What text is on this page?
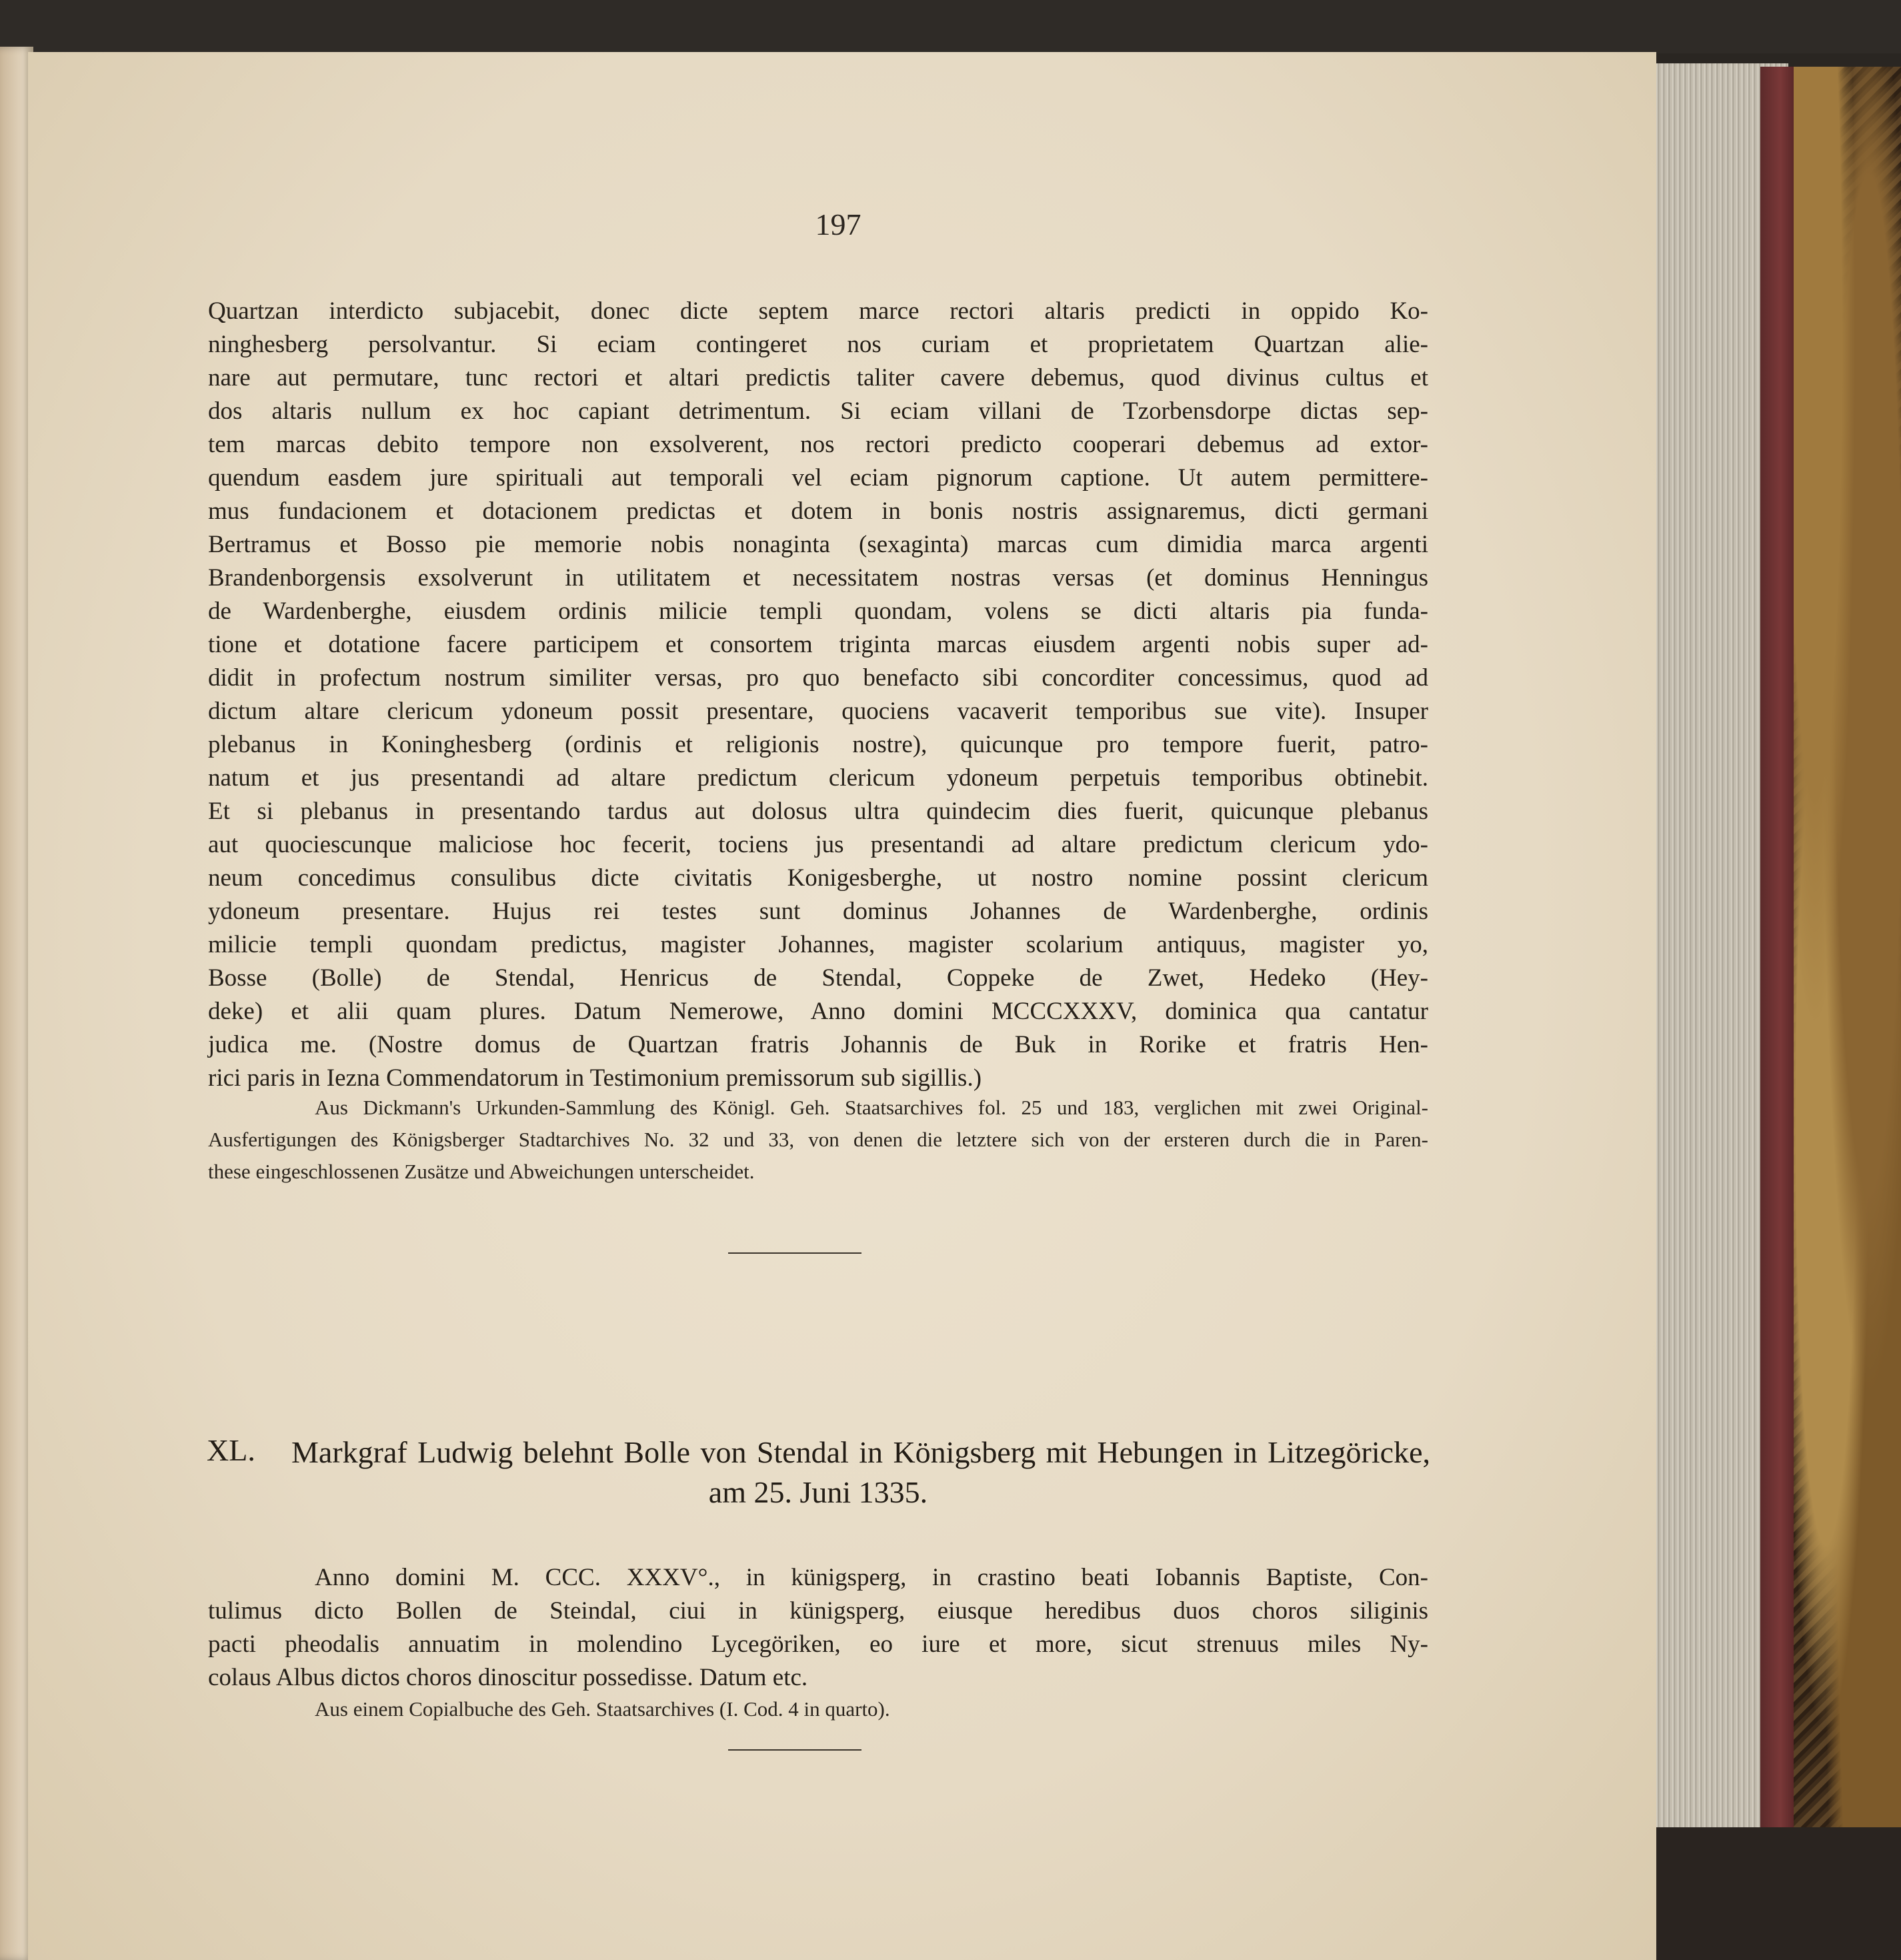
197

Quartzan interdicto subjacebit, donec dicte septem marce rectori altaris predicti in oppido Ko-

ninghesberg persolvantur. Si eciam contingeret nos curiam et proprietatem Quartzan alie-

nare aut permutare, tunc rectori et altari predictis taliter cavere debemus, quod divinus cultus et

dos altaris nullum ex hoc capiant detrimentum. Si eciam villani de Tzorbensdorpe dictas sep-

tem marcas debito tempore non exsolverent, nos rectori predicto cooperari debemus ad extor-

quendum easdem jure spirituali aut temporali vel eciam pignorum captione. Ut autem permittere-

mus fundacionem et dotacionem predictas et dotem in bonis nostris assignaremus, dicti germani

Bertramus et Bosso pie memorie nobis nonaginta (sexaginta) marcas cum dimidia marca argenti

Brandenborgensis exsolverunt in utilitatem et necessitatem nostras versas (et dominus Henningus

de Wardenberghe, eiusdem ordinis milicie templi quondam, volens se dicti altaris pia funda-

tione et dotatione facere participem et consortem triginta marcas eiusdem argenti nobis super ad-

didit in profectum nostrum similiter versas, pro quo benefacto sibi concorditer concessimus, quod ad

dictum altare clericum ydoneum possit presentare, quociens vacaverit temporibus sue vite). Insuper

plebanus in Koninghesberg (ordinis et religionis nostre), quicunque pro tempore fuerit, patro-

natum et jus presentandi ad altare predictum clericum ydoneum perpetuis temporibus obtinebit.

Et si plebanus in presentando tardus aut dolosus ultra quindecim dies fuerit, quicunque plebanus

aut quociescunque maliciose hoc fecerit, tociens jus presentandi ad altare predictum clericum ydo-

neum concedimus consulibus dicte civitatis Konigesberghe, ut nostro nomine possint clericum

ydoneum presentare. Hujus rei testes sunt dominus Johannes de Wardenberghe, ordinis

milicie templi quondam predictus, magister Johannes, magister scolarium antiquus, magister yo,

Bosse (Bolle) de Stendal, Henricus de Stendal, Coppeke de Zwet, Hedeko (Hey-

deke) et alii quam plures. Datum Nemerowe, Anno domini MCCCXXXV, dominica qua cantatur

judica me. (Nostre domus de Quartzan fratris Johannis de Buk in Rorike et fratris Hen-

rici paris in Iezna Commendatorum in Testimonium premissorum sub sigillis.)

Aus Dickmann's Urkunden-Sammlung des Königl. Geh. Staatsarchives fol. 25 und 183, verglichen mit zwei Original-

Ausfertigungen des Königsberger Stadtarchives No. 32 und 33, von denen die letztere sich von der ersteren durch die in Paren-

these eingeschlossenen Zusätze und Abweichungen unterscheidet.

XL. Markgraf Ludwig belehnt Bolle von Stendal in Königsberg mit Hebungen in Litzegöricke,
am 25. Juni 1335.

Anno domini M. CCC. XXXV°., in künigsperg, in crastino beati Iobannis Baptiste, Con-

tulimus dicto Bollen de Steindal, ciui in künigsperg, eiusque heredibus duos choros siliginis

pacti pheodalis annuatim in molendino Lycegöriken, eo iure et more, sicut strenuus miles Ny-

colaus Albus dictos choros dinoscitur possedisse. Datum etc.

Aus einem Copialbuche des Geh. Staatsarchives (I. Cod. 4 in quarto).
